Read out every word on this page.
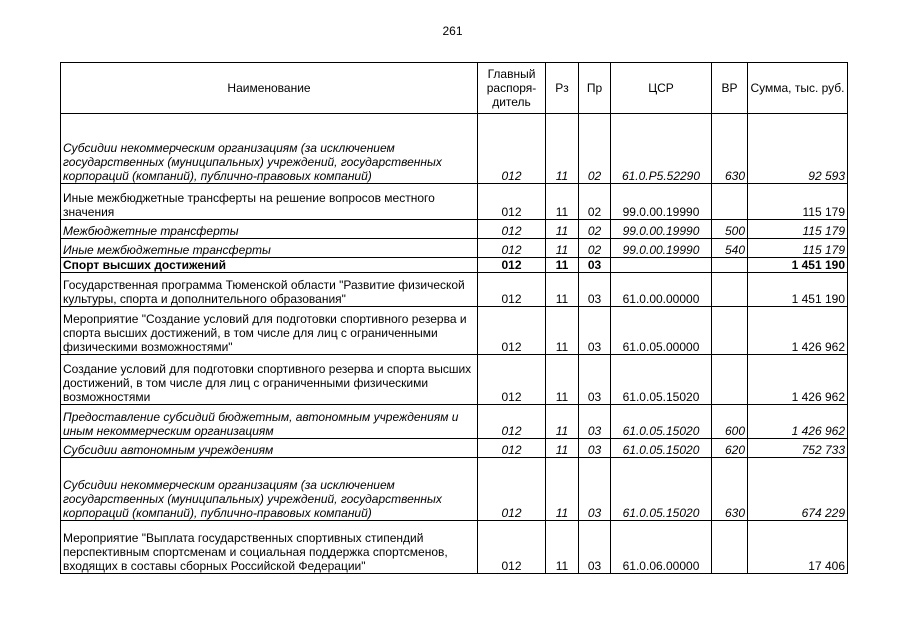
261
Наименование	Главный распоря- дитель	Рз	Пр	ЦСР	ВР	Сумма, тыс. руб.
Субсидии некоммерческим организациям (за исключением государственных (муниципальных) учреждений, государственных корпораций (компаний), публично-правовых компаний)	012	11	02	61.0.P5.52290	630	92 593
Иные межбюджетные трансферты на решение вопросов местного значения	012	11	02	99.0.00.19990		115 179
Межбюджетные трансферты	012	11	02	99.0.00.19990	500	115 179
Иные межбюджетные трансферты	012	11	02	99.0.00.19990	540	115 179
Спорт высших достижений	012	11	03			1 451 190
Государственная программа Тюменской области "Развитие физической культуры, спорта и дополнительного образования"	012	11	03	61.0.00.00000		1 451 190
Мероприятие "Создание условий для подготовки спортивного резерва и спорта высших достижений, в том числе для лиц с ограниченными физическими возможностями"	012	11	03	61.0.05.00000		1 426 962
Создание условий для подготовки спортивного резерва и спорта высших достижений, в том числе для лиц с ограниченными физическими возможностями	012	11	03	61.0.05.15020		1 426 962
Предоставление субсидий бюджетным, автономным учреждениям и иным некоммерческим организациям	012	11	03	61.0.05.15020	600	1 426 962
Субсидии автономным учреждениям	012	11	03	61.0.05.15020	620	752 733
Субсидии некоммерческим организациям (за исключением государственных (муниципальных) учреждений, государственных корпораций (компаний), публично-правовых компаний)	012	11	03	61.0.05.15020	630	674 229
Мероприятие "Выплата государственных спортивных стипендий перспективным спортсменам и социальная поддержка спортсменов, входящих в составы сборных Российской Федерации"	012	11	03	61.0.06.00000		17 406
